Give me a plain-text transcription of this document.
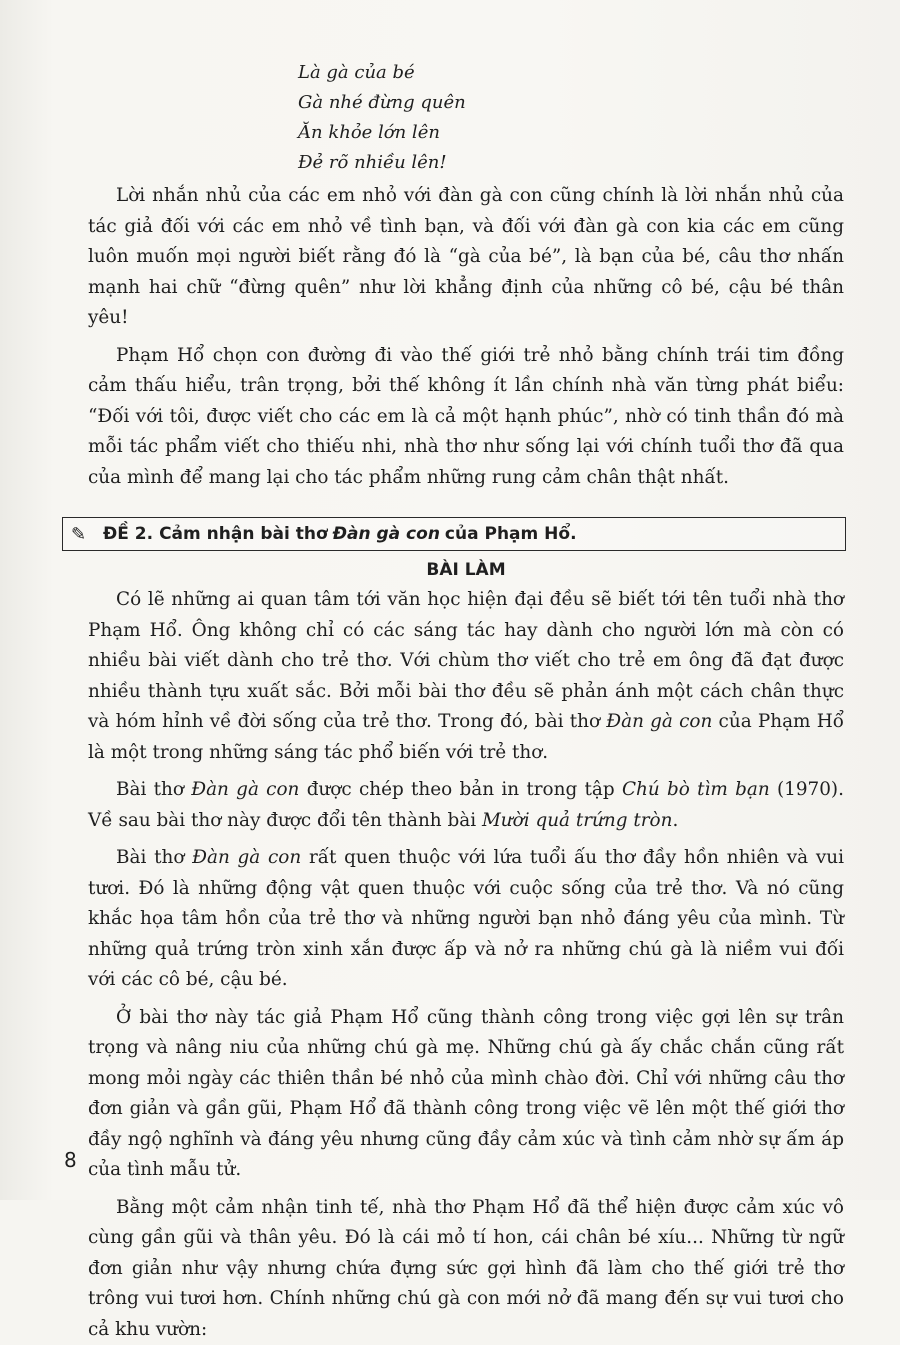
Là gà của bé
Gà nhé đừng quên
Ăn khỏe lớn lên
Đẻ rõ nhiều lên!

Lời nhắn nhủ của các em nhỏ với đàn gà con cũng chính là lời nhắn nhủ của tác giả đối với các em nhỏ về tình bạn, và đối với đàn gà con kia các em cũng luôn muốn mọi người biết rằng đó là “gà của bé”, là bạn của bé, câu thơ nhấn mạnh hai chữ “đừng quên” như lời khẳng định của những cô bé, cậu bé thân yêu!

Phạm Hổ chọn con đường đi vào thế giới trẻ nhỏ bằng chính trái tim đồng cảm thấu hiểu, trân trọng, bởi thế không ít lần chính nhà văn từng phát biểu: “Đối với tôi, được viết cho các em là cả một hạnh phúc”, nhờ có tinh thần đó mà mỗi tác phẩm viết cho thiếu nhi, nhà thơ như sống lại với chính tuổi thơ đã qua của mình để mang lại cho tác phẩm những rung cảm chân thật nhất.

✎ ĐỀ 2. Cảm nhận bài thơ Đàn gà con của Phạm Hổ.
BÀI LÀM

Có lẽ những ai quan tâm tới văn học hiện đại đều sẽ biết tới tên tuổi nhà thơ Phạm Hổ. Ông không chỉ có các sáng tác hay dành cho người lớn mà còn có nhiều bài viết dành cho trẻ thơ. Với chùm thơ viết cho trẻ em ông đã đạt được nhiều thành tựu xuất sắc. Bởi mỗi bài thơ đều sẽ phản ánh một cách chân thực và hóm hỉnh về đời sống của trẻ thơ. Trong đó, bài thơ Đàn gà con của Phạm Hổ là một trong những sáng tác phổ biến với trẻ thơ.

Bài thơ Đàn gà con được chép theo bản in trong tập Chú bò tìm bạn (1970). Về sau bài thơ này được đổi tên thành bài Mười quả trứng tròn.

Bài thơ Đàn gà con rất quen thuộc với lứa tuổi ấu thơ đầy hồn nhiên và vui tươi. Đó là những động vật quen thuộc với cuộc sống của trẻ thơ. Và nó cũng khắc họa tâm hồn của trẻ thơ và những người bạn nhỏ đáng yêu của mình. Từ những quả trứng tròn xinh xắn được ấp và nở ra những chú gà là niềm vui đối với các cô bé, cậu bé.

Ở bài thơ này tác giả Phạm Hổ cũng thành công trong việc gợi lên sự trân trọng và nâng niu của những chú gà mẹ. Những chú gà ấy chắc chắn cũng rất mong mỏi ngày các thiên thần bé nhỏ của mình chào đời. Chỉ với những câu thơ đơn giản và gần gũi, Phạm Hổ đã thành công trong việc vẽ lên một thế giới thơ đầy ngộ nghĩnh và đáng yêu nhưng cũng đầy cảm xúc và tình cảm nhờ sự ấm áp của tình mẫu tử.

Bằng một cảm nhận tinh tế, nhà thơ Phạm Hổ đã thể hiện được cảm xúc vô cùng gần gũi và thân yêu. Đó là cái mỏ tí hon, cái chân bé xíu... Những từ ngữ đơn giản như vậy nhưng chứa đựng sức gợi hình đã làm cho thế giới trẻ thơ trông vui tươi hơn. Chính những chú gà con mới nở đã mang đến sự vui tươi cho cả khu vườn:

8
